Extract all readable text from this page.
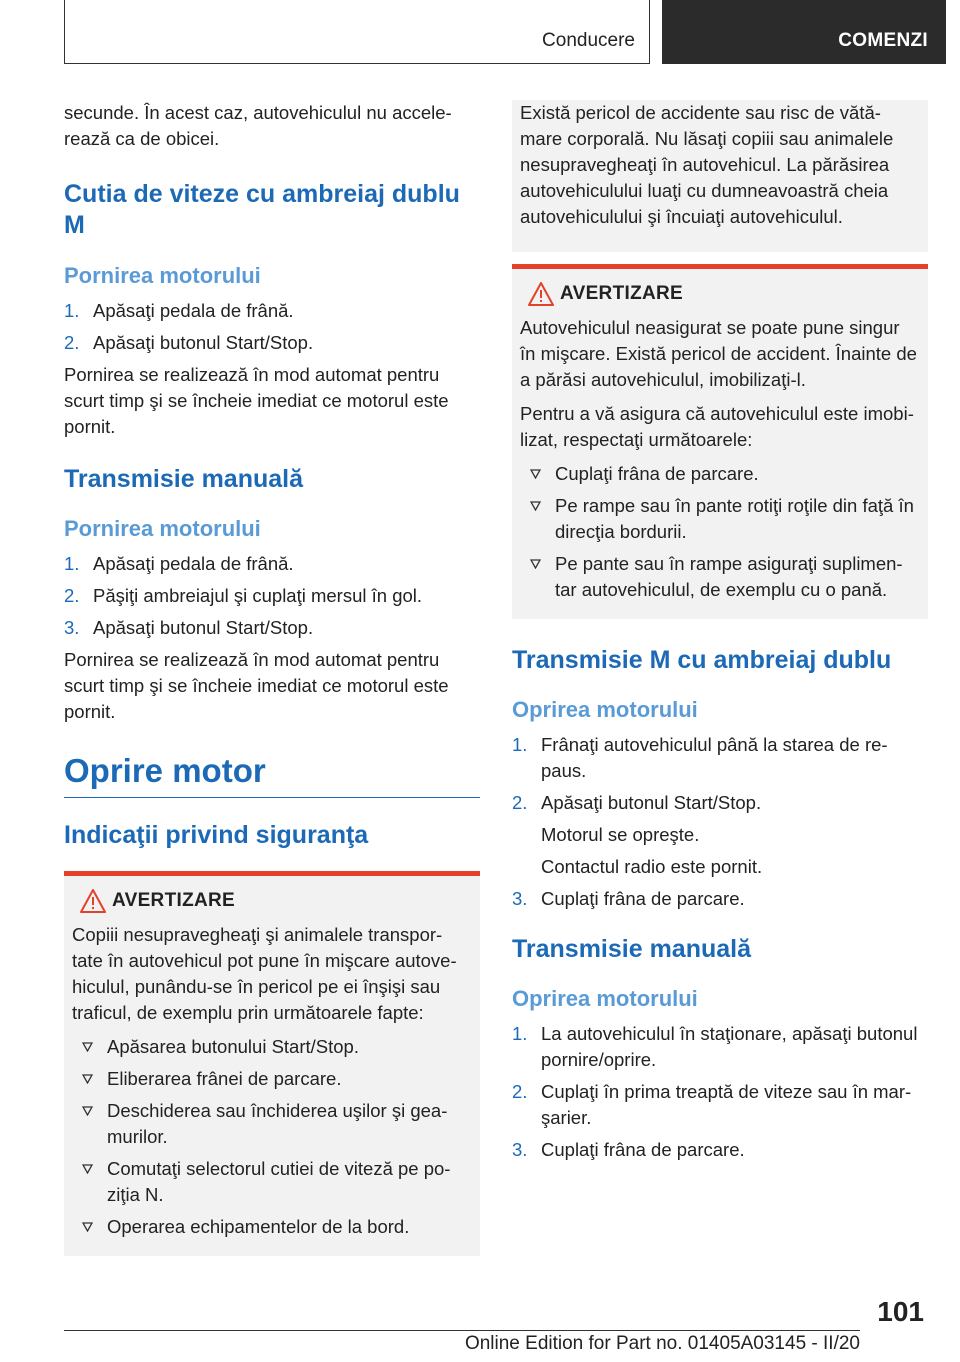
Conducere	COMENZI

secunde. În acest caz, autovehiculul nu accele‐ rează ca de obicei.

Cutia de viteze cu ambreiaj dublu M
Pornirea motorului
1. Apăsaţi pedala de frână.
2. Apăsaţi butonul Start/Stop.

Pornirea se realizează în mod automat pentru scurt timp şi se încheie imediat ce motorul este pornit.

Transmisie manuală
Pornirea motorului
1. Apăsaţi pedala de frână.
2. Păşiţi ambreiajul şi cuplaţi mersul în gol.
3. Apăsaţi butonul Start/Stop.

Pornirea se realizează în mod automat pentru scurt timp şi se încheie imediat ce motorul este pornit.

Oprire motor
Indicaţii privind siguranţa
AVERTIZARE

Copiii nesupravegheaţi şi animalele transpor‐ tate în autovehicul pot pune în mişcare autove‐ hiculul, punându-se în pericol pe ei înşişi sau traficul, de exemplu prin următoarele fapte:

Apăsarea butonului Start/Stop.
Eliberarea frânei de parcare.
Deschiderea sau închiderea uşilor şi gea‐ murilor.
Comutaţi selectorul cutiei de viteză pe po‐ ziţia N.
Operarea echipamentelor de la bord.

Există pericol de accidente sau risc de vătă‐ mare corporală. Nu lăsaţi copiii sau animalele nesupravegheaţi în autovehicul. La părăsirea autovehiculului luaţi cu dumneavoastră cheia autovehiculului şi încuiaţi autovehiculul.

AVERTIZARE

Autovehiculul neasigurat se poate pune singur în mişcare. Există pericol de accident. Înainte de a părăsi autovehiculul, imobilizaţi-l.

Pentru a vă asigura că autovehiculul este imobi‐ lizat, respectaţi următoarele:

Cuplaţi frâna de parcare.
Pe rampe sau în pante rotiţi roţile din faţă în direcţia bordurii.
Pe pante sau în rampe asiguraţi suplimen‐ tar autovehiculul, de exemplu cu o pană.
Transmisie M cu ambreiaj dublu
Oprirea motorului
1. Frânaţi autovehiculul până la starea de re‐ paus.
2. Apăsaţi butonul Start/Stop.
Motorul se opreşte.
Contactul radio este pornit.
3. Cuplaţi frâna de parcare.
Transmisie manuală
Oprirea motorului
1. La autovehiculul în staţionare, apăsaţi butonul pornire/oprire.
2. Cuplaţi în prima treaptă de viteze sau în mar‐ şarier.
3. Cuplaţi frâna de parcare.
101
Online Edition for Part no. 01405A03145 - II/20
